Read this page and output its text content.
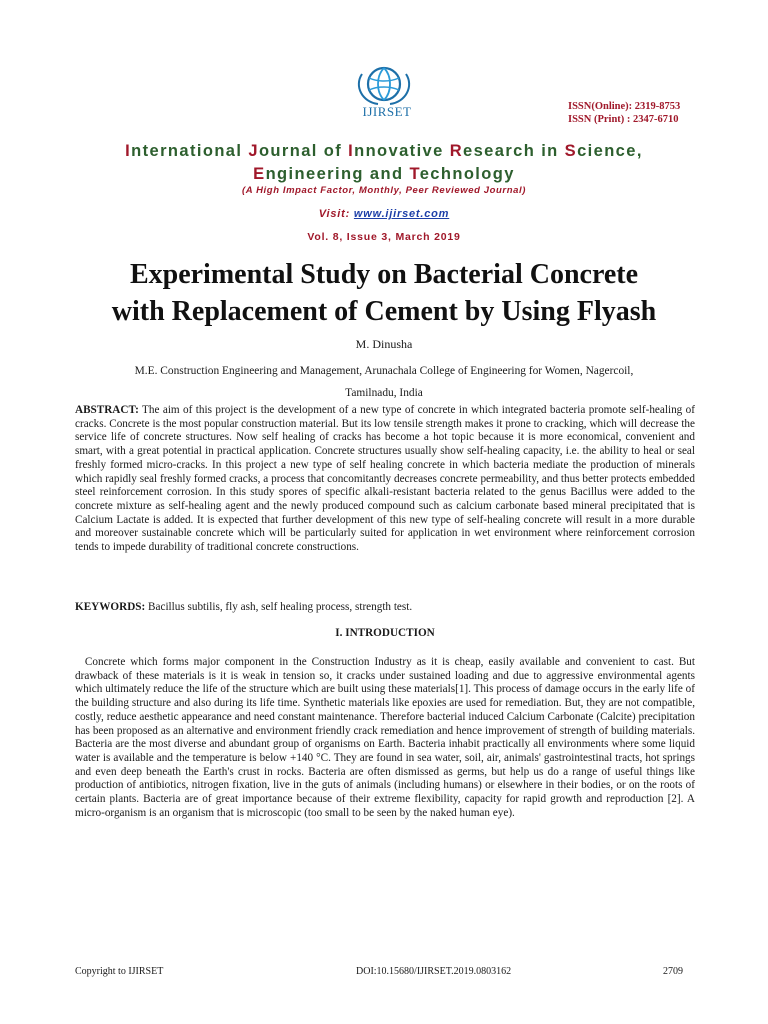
IJIRSET	ISSN(Online): 2319-8753
ISSN (Print) : 2347-6710
International Journal of Innovative Research in Science,
Engineering and Technology
(A High Impact Factor, Monthly, Peer Reviewed Journal)
Visit: www.ijirset.com
Vol. 8, Issue 3, March 2019
Experimental Study on Bacterial Concrete
with Replacement of Cement by Using Flyash
M. Dinusha
M.E. Construction Engineering and Management, Arunachala College of Engineering for Women, Nagercoil,
Tamilnadu, India
ABSTRACT: The aim of this project is the development of a new type of concrete in which integrated bacteria promote self-healing of cracks. Concrete is the most popular construction material. But its low tensile strength makes it prone to cracking, which will decrease the service life of concrete structures. Now self healing of cracks has become a hot topic because it is more economical, convenient and smart, with a great potential in practical application. Concrete structures usually show self-healing capacity, i.e. the ability to heal or seal freshly formed micro-cracks. In this project a new type of self healing concrete in which bacteria mediate the production of minerals which rapidly seal freshly formed cracks, a process that concomitantly decreases concrete permeability, and thus better protects embedded steel reinforcement corrosion. In this study spores of specific alkali-resistant bacteria related to the genus Bacillus were added to the concrete mixture as self-healing agent and the newly produced compound such as calcium carbonate based mineral precipitated that is Calcium Lactate is added. It is expected that further development of this new type of self-healing concrete will result in a more durable and moreover sustainable concrete which will be particularly suited for application in wet environment where reinforcement corrosion tends to impede durability of traditional concrete constructions.
KEYWORDS: Bacillus subtilis, fly ash, self healing process, strength test.
I. INTRODUCTION
Concrete which forms major component in the Construction Industry as it is cheap, easily available and convenient to cast. But drawback of these materials is it is weak in tension so, it cracks under sustained loading and due to aggressive environmental agents which ultimately reduce the life of the structure which are built using these materials[1]. This process of damage occurs in the early life of the building structure and also during its life time. Synthetic materials like epoxies are used for remediation. But, they are not compatible, costly, reduce aesthetic appearance and need constant maintenance. Therefore bacterial induced Calcium Carbonate (Calcite) precipitation has been proposed as an alternative and environment friendly crack remediation and hence improvement of strength of building materials. Bacteria are the most diverse and abundant group of organisms on Earth. Bacteria inhabit practically all environments where some liquid water is available and the temperature is below +140 °C. They are found in sea water, soil, air, animals' gastrointestinal tracts, hot springs and even deep beneath the Earth's crust in rocks. Bacteria are often dismissed as germs, but help us do a range of useful things like production of antibiotics, nitrogen fixation, live in the guts of animals (including humans) or elsewhere in their bodies, or on the roots of certain plants. Bacteria are of great importance because of their extreme flexibility, capacity for rapid growth and reproduction [2]. A micro-organism is an organism that is microscopic (too small to be seen by the naked human eye).
Copyright to IJIRSET	DOI:10.15680/IJIRSET.2019.0803162	2709
